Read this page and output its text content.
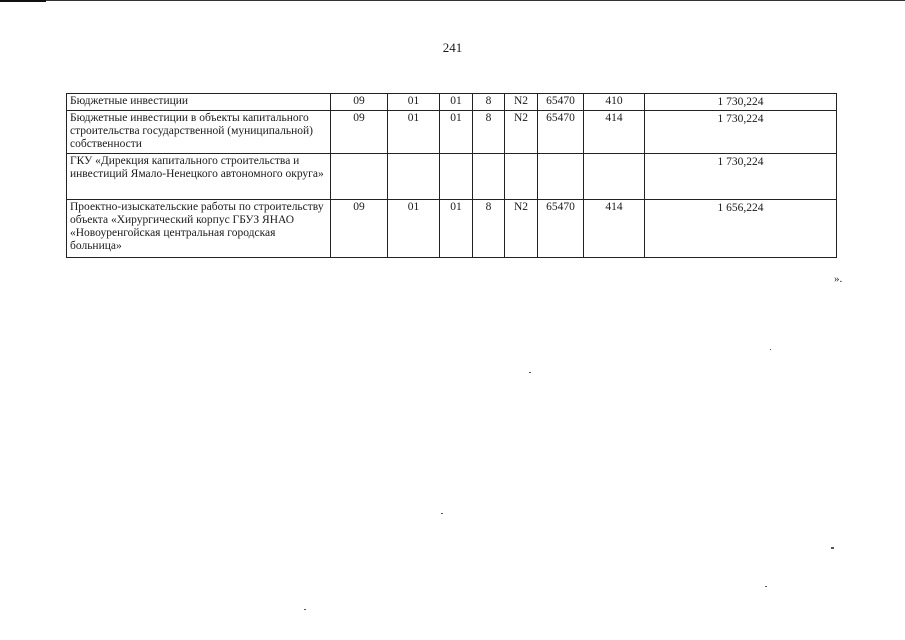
241
Бюджетные инвестиции	09	01	01	8	N2	65470	410	1 730,224
Бюджетные инвестиции в объекты капитального строительства государственной (муниципальной) собственности	09	01	01	8	N2	65470	414	1 730,224
ГКУ «Дирекция капитального строительства и инвестиций Ямало-Ненецкого автономного округа»								1 730,224
Проектно-изыскательские работы по строительству объекта «Хирургический корпус ГБУЗ ЯНАО «Новоуренгойская центральная городская больница»	09	01	01	8	N2	65470	414	1 656,224
».
